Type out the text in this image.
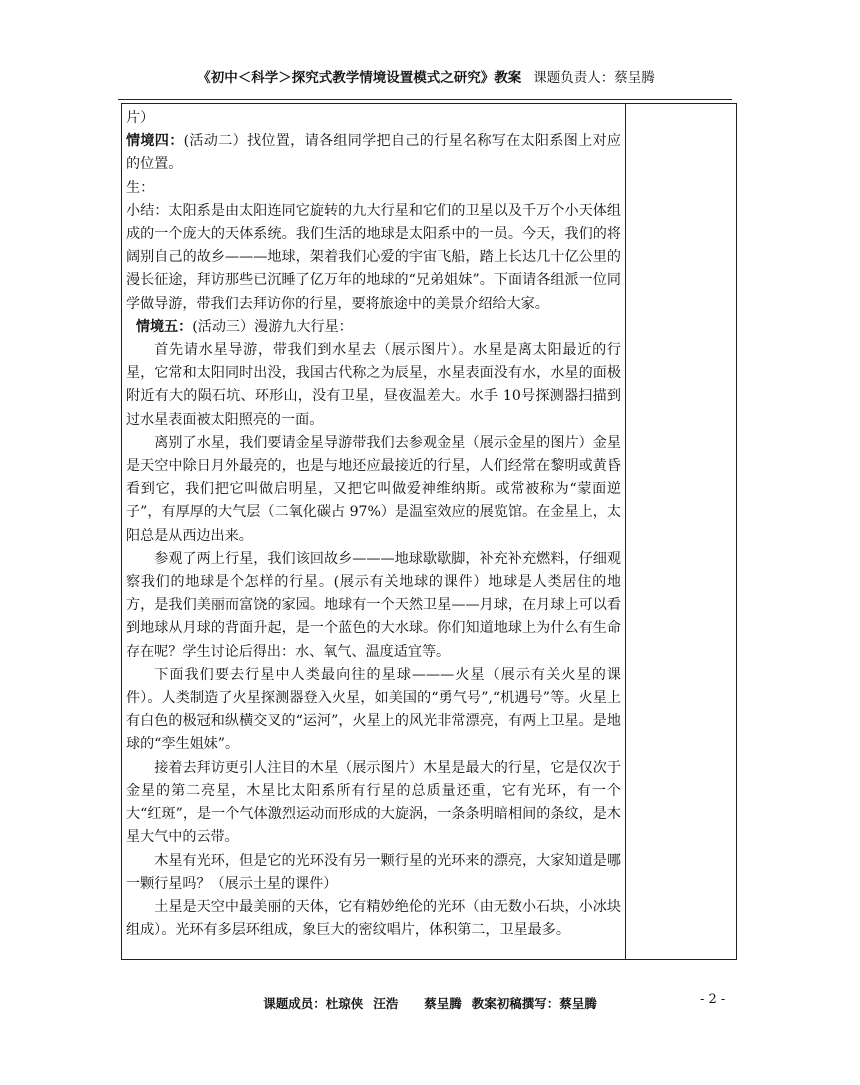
《初中＜科学＞探究式教学情境设置模式之研究》教案 课题负责人：蔡呈腾

片）

情境四：(活动二）找位置，请各组同学把自己的行星名称写在太阳系图上对应的位置。

生：

小结：太阳系是由太阳连同它旋转的九大行星和它们的卫星以及千万个小天体组成的一个庞大的天体系统。我们生活的地球是太阳系中的一员。今天，我们的将阔别自己的故乡———地球，架着我们心爱的宇宙飞船，踏上长达几十亿公里的漫长征途，拜访那些已沉睡了亿万年的地球的“兄弟姐妹”。下面请各组派一位同学做导游，带我们去拜访你的行星，要将旅途中的美景介绍给大家。

情境五：(活动三）漫游九大行星：

首先请水星导游，带我们到水星去（展示图片）。水星是离太阳最近的行星，它常和太阳同时出没，我国古代称之为辰星，水星表面没有水，水星的面极附近有大的陨石坑、环形山，没有卫星，昼夜温差大。水手 10号探测器扫描到过水星表面被太阳照亮的一面。

离别了水星，我们要请金星导游带我们去参观金星（展示金星的图片）金星是天空中除日月外最亮的，也是与地还应最接近的行星，人们经常在黎明或黄昏看到它，我们把它叫做启明星，又把它叫做爱神维纳斯。或常被称为“蒙面逆子”，有厚厚的大气层（二氧化碳占 97%）是温室效应的展览馆。在金星上，太阳总是从西边出来。

参观了两上行星，我们该回故乡———地球歇歇脚，补充补充燃料，仔细观察我们的地球是个怎样的行星。(展示有关地球的课件）地球是人类居住的地方，是我们美丽而富饶的家园。地球有一个天然卫星——月球，在月球上可以看到地球从月球的背面升起，是一个蓝色的大水球。你们知道地球上为什么有生命存在呢？学生讨论后得出：水、氧气、温度适宜等。

下面我们要去行星中人类最向往的星球———火星（展示有关火星的课件）。人类制造了火星探测器登入火星，如美国的“勇气号”,“机遇号”等。火星上有白色的极冠和纵横交叉的“运河”，火星上的风光非常漂亮，有两上卫星。是地球的“孪生姐妹”。

接着去拜访更引人注目的木星（展示图片）木星是最大的行星，它是仅次于金星的第二亮星，木星比太阳系所有行星的总质量还重，它有光环，有一个大“红斑”，是一个气体激烈运动而形成的大旋涡，一条条明暗相间的条纹，是木星大气中的云带。

木星有光环，但是它的光环没有另一颗行星的光环来的漂亮，大家知道是哪一颗行星吗？（展示土星的课件）

土星是天空中最美丽的天体，它有精妙绝伦的光环（由无数小石块，小冰块组成）。光环有多层环组成，象巨大的密纹唱片，体积第二，卫星最多。

课题成员：杜琼侠 汪浩 蔡呈腾 教案初稿撰写：蔡呈腾	- 2 -
